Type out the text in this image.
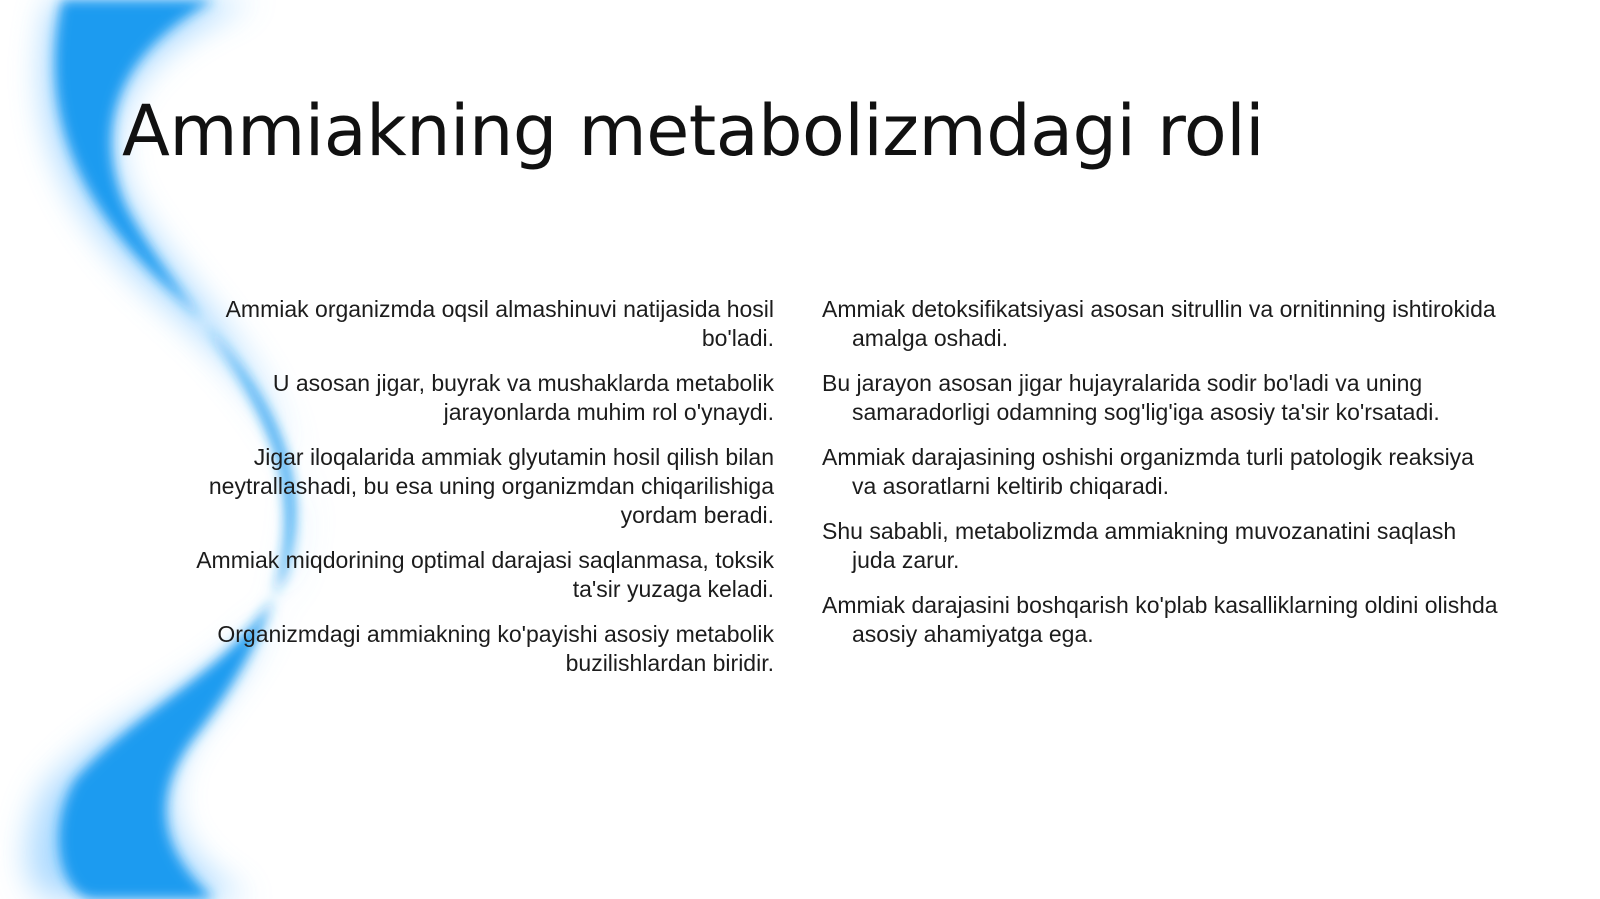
Ammiakning metabolizmdagi roli
Ammiak organizmda oqsil almashinuvi natijasida hosil bo'ladi.
U asosan jigar, buyrak va mushaklarda metabolik jarayonlarda muhim rol o'ynaydi.
Jigar iloqalarida ammiak glyutamin hosil qilish bilan neytrallashadi, bu esa uning organizmdan chiqarilishiga yordam beradi.
Ammiak miqdorining optimal darajasi saqlanmasa, toksik ta'sir yuzaga keladi.
Organizmdagi ammiakning ko'payishi asosiy metabolik buzilishlardan biridir.
Ammiak detoksifikatsiyasi asosan sitrullin va ornitinning ishtirokida amalga oshadi.
Bu jarayon asosan jigar hujayralarida sodir bo'ladi va uning samaradorligi odamning sog'lig'iga asosiy ta'sir ko'rsatadi.
Ammiak darajasining oshishi organizmda turli patologik reaksiya va asoratlarni keltirib chiqaradi.
Shu sababli, metabolizmda ammiakning muvozanatini saqlash juda zarur.
Ammiak darajasini boshqarish ko'plab kasalliklarning oldini olishda asosiy ahamiyatga ega.
